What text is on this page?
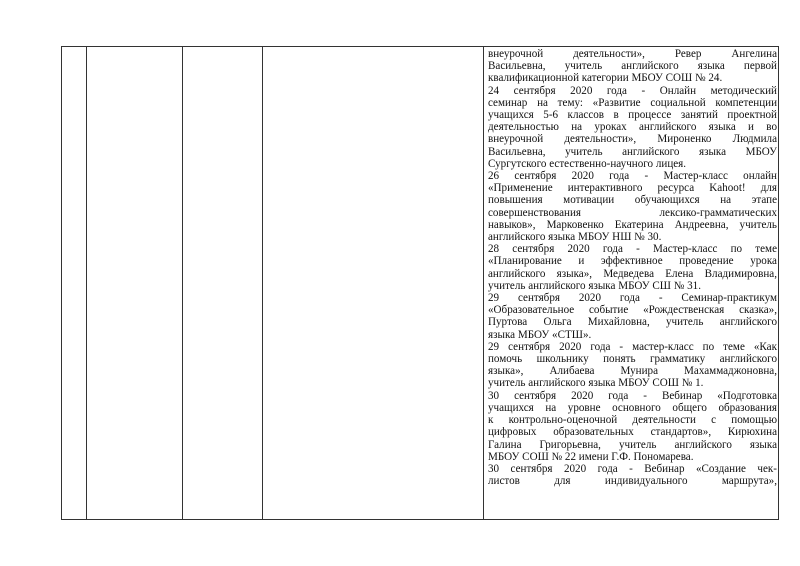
внеурочной деятельности», Ревер Ангелина
Васильевна, учитель английского языка первой
квалификационной категории МБОУ СОШ № 24.
24 сентября 2020 года - Онлайн методический
семинар на тему: «Развитие социальной компетенции
учащихся 5-6 классов в процессе занятий проектной
деятельностью на уроках английского языка и во
внеурочной деятельности», Мироненко Людмила
Васильевна, учитель английского языка МБОУ
Сургутского естественно-научного лицея.
26 сентября 2020 года - Мастер-класс онлайн
«Применение интерактивного ресурса Kahoot! для
повышения мотивации обучающихся на этапе
совершенствования лексико-грамматических
навыков», Марковенко Екатерина Андреевна, учитель
английского языка МБОУ НШ № 30.
28 сентября 2020 года - Мастер-класс по теме
«Планирование и эффективное проведение урока
английского языка», Медведева Елена Владимировна,
учитель английского языка МБОУ СШ № 31.
29 сентября 2020 года - Семинар-практикум
«Образовательное событие «Рождественская сказка»,
Пуртова Ольга Михайловна, учитель английского
языка МБОУ «СТШ».
29 сентября 2020 года - мастер-класс по теме «Как
помочь школьнику понять грамматику английского
языка», Алибаева Мунира Махаммаджоновна,
учитель английского языка МБОУ СОШ № 1.
30 сентября 2020 года - Вебинар «Подготовка
учащихся на уровне основного общего образования
к контрольно-оценочной деятельности с помощью
цифровых образовательных стандартов», Кирюхина
Галина Григорьевна, учитель английского языка
МБОУ СОШ № 22 имени Г.Ф. Пономарева.
30 сентября 2020 года - Вебинар «Создание чек-
листов для индивидуального маршрута»,
